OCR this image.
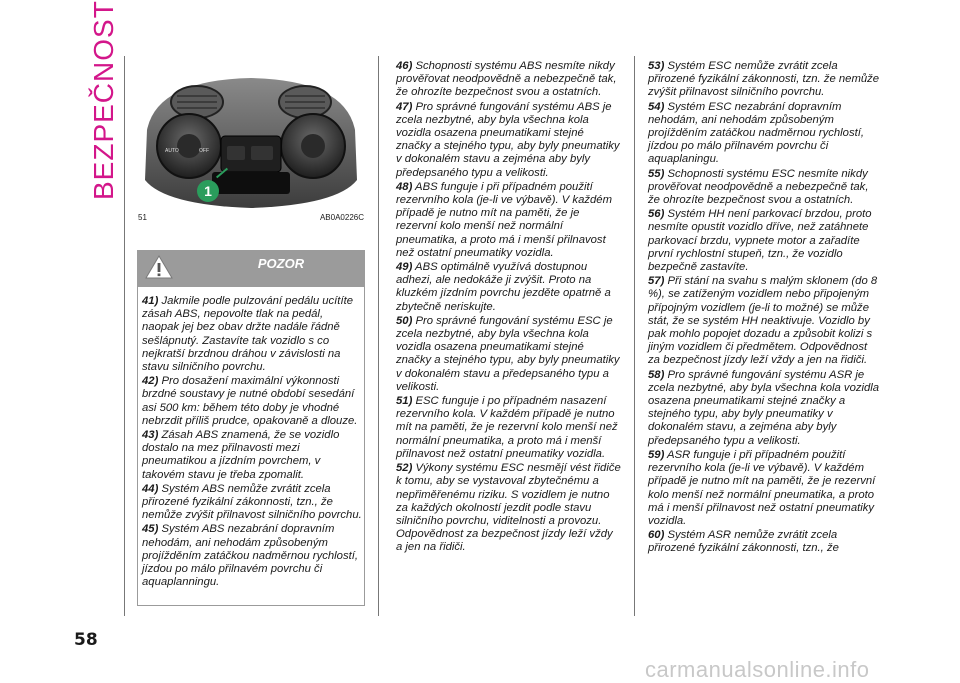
BEZPEČNOST	AUTO	OFF
1
51	AB0A0226C
POZOR
41) Jakmile podle pulzování pedálu ucítíte zásah ABS, nepovolte tlak na pedál, naopak jej bez obav držte nadále řádně sešlápnutý. Zastavíte tak vozidlo s co nejkratší brzdnou dráhou v závislosti na stavu silničního povrchu.
42) Pro dosažení maximální výkonnosti brzdné soustavy je nutné období sesedání asi 500 km: během této doby je vhodné nebrzdit příliš prudce, opakovaně a dlouze.
43) Zásah ABS znamená, že se vozidlo dostalo na mez přilnavosti mezi pneumatikou a jízdním povrchem, v takovém stavu je třeba zpomalit.
44) Systém ABS nemůže zvrátit zcela přirozené fyzikální zákonnosti, tzn., že nemůže zvýšit přilnavost silničního povrchu.
45) Systém ABS nezabrání dopravním nehodám, ani nehodám způsobeným projížděním zatáčkou nadměrnou rychlostí, jízdou po málo přilnavém povrchu či aquaplanningu.
46) Schopnosti systému ABS nesmíte nikdy prověřovat neodpovědně a nebezpečně tak, že ohrozíte bezpečnost svou a ostatních.
47) Pro správné fungování systému ABS je zcela nezbytné, aby byla všechna kola vozidla osazena pneumatikami stejné značky a stejného typu, aby byly pneumatiky v dokonalém stavu a zejména aby byly předepsaného typu a velikosti.
48) ABS funguje i při případném použití rezervního kola (je-li ve výbavě). V každém případě je nutno mít na paměti, že je rezervní kolo menší než normální pneumatika, a proto má i menší přilnavost než ostatní pneumatiky vozidla.
49) ABS optimálně využívá dostupnou adhezi, ale nedokáže ji zvýšit. Proto na kluzkém jízdním povrchu jezděte opatrně a zbytečně neriskujte.
50) Pro správné fungování systému ESC je zcela nezbytné, aby byla všechna kola vozidla osazena pneumatikami stejné značky a stejného typu, aby byly pneumatiky v dokonalém stavu a předepsaného typu a velikosti.
51) ESC funguje i po případném nasazení rezervního kola. V každém případě je nutno mít na paměti, že je rezervní kolo menší než normální pneumatika, a proto má i menší přilnavost než ostatní pneumatiky vozidla.
52) Výkony systému ESC nesmějí vést řidiče k tomu, aby se vystavoval zbytečnému a nepřiměřenému riziku. S vozidlem je nutno za každých okolností jezdit podle stavu silničního povrchu, viditelnosti a provozu. Odpovědnost za bezpečnost jízdy leží vždy a jen na řidiči.
53) Systém ESC nemůže zvrátit zcela přirozené fyzikální zákonnosti, tzn. že nemůže zvýšit přilnavost silničního povrchu.
54) Systém ESC nezabrání dopravním nehodám, ani nehodám způsobeným projížděním zatáčkou nadměrnou rychlostí, jízdou po málo přilnavém povrchu či aquaplaningu.
55) Schopnosti systému ESC nesmíte nikdy prověřovat neodpovědně a nebezpečně tak, že ohrozíte bezpečnost svou a ostatních.
56) Systém HH není parkovací brzdou, proto nesmíte opustit vozidlo dříve, než zatáhnete parkovací brzdu, vypnete motor a zařadíte první rychlostní stupeň, tzn., že vozidlo bezpečně zastavíte.
57) Při stání na svahu s malým sklonem (do 8 %), se zatíženým vozidlem nebo připojeným přípojným vozidlem (je-li to možné) se může stát, že se systém HH neaktivuje. Vozidlo by pak mohlo popojet dozadu a způsobit kolizi s jiným vozidlem či předmětem. Odpovědnost za bezpečnost jízdy leží vždy a jen na řidiči.
58) Pro správné fungování systému ASR je zcela nezbytné, aby byla všechna kola vozidla osazena pneumatikami stejné značky a stejného typu, aby byly pneumatiky v dokonalém stavu, a zejména aby byly předepsaného typu a velikosti.
59) ASR funguje i při případném použití rezervního kola (je-li ve výbavě). V každém případě je nutno mít na paměti, že je rezervní kolo menší než normální pneumatika, a proto má i menší přilnavost než ostatní pneumatiky vozidla.
60) Systém ASR nemůže zvrátit zcela přirozené fyzikální zákonnosti, tzn., že
58
carmanualsonline.info
